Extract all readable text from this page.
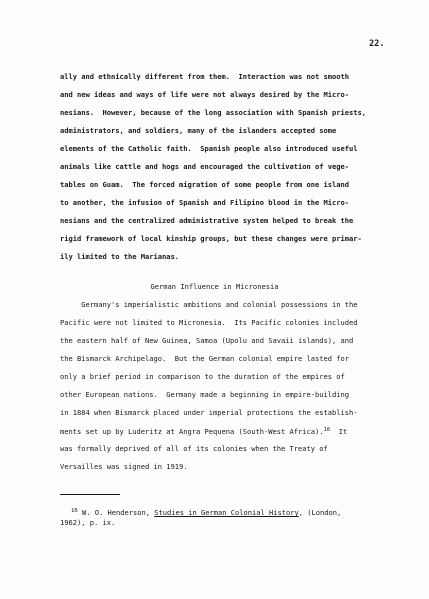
22.
ally and ethnically different from them.  Interaction was not smooth
and new ideas and ways of life were not always desired by the Micro-
nesians.  However, because of the long association with Spanish priests,
administrators, and soldiers, many of the islanders accepted some
elements of the Catholic faith.  Spanish people also introduced useful
animals like cattle and hogs and encouraged the cultivation of vege-
tables on Guam.  The forced migration of some people from one island
to another, the infusion of Spanish and Filipino blood in the Micro-
nesians and the centralized administrative system helped to break the
rigid framework of local kinship groups, but these changes were primar-
ily limited to the Marianas.
German Influence in Micronesia
Germany's imperialistic ambitions and colonial possessions in the
Pacific were not limited to Micronesia.  Its Pacific colonies included
the eastern half of New Guinea, Samoa (Upolu and Savaii islands), and
the Bismarck Archipelago.  But the German colonial empire lasted for
only a brief period in comparison to the duration of the empires of
other European nations.  Germany made a beginning in empire-building
in 1884 when Bismarck placed under imperial protections the establish-
ments set up by Luderitz at Angra Pequena (South-West Africa).$^{16}$  It
was formally deprived of all of its colonies when the Treaty of
Versailles was signed in 1919.
$^{16}$ W. O. Henderson, Studies in German Colonial History, (London,
1962), p. ix.
